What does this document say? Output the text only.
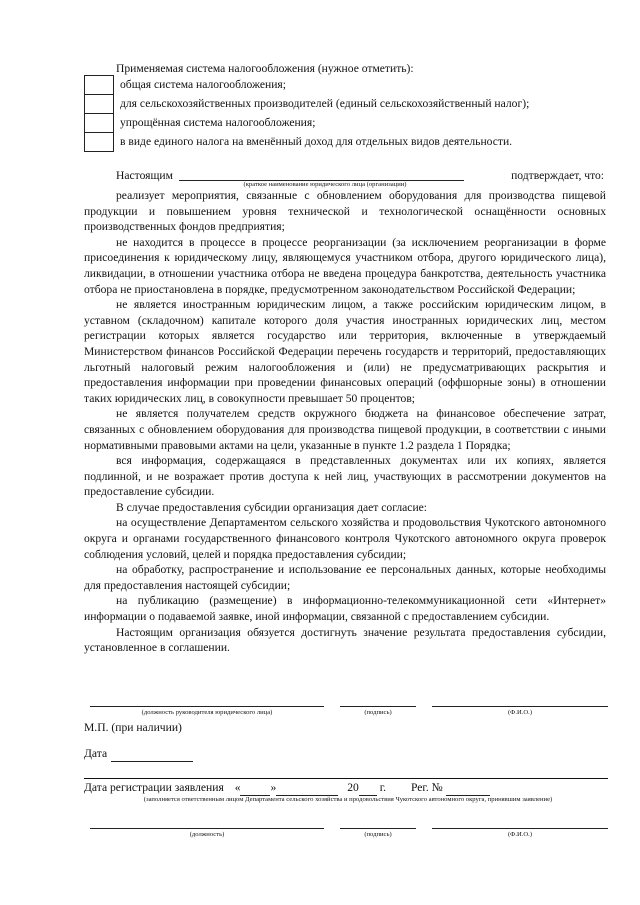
Применяемая система налогообложения (нужное отметить):
	общая система налогообложения;
	для сельскохозяйственных производителей (единый сельскохозяйственный налог);
	упрощённая система налогообложения;
	в виде единого налога на вменённый доход для отдельных видов деятельности.
Настоящим	подтверждает, что:
(краткое наименование юридического лица (организации)

реализует мероприятия, связанные с обновлением оборудования для производства пищевой продукции и повышением уровня технической и технологической оснащённости основных производственных фондов предприятия;

не находится в процессе в процессе реорганизации (за исключением реорганизации в форме присоединения к юридическому лицу, являющемуся участником отбора, другого юридического лица), ликвидации, в отношении участника отбора не введена процедура банкротства, деятельность участника отбора не приостановлена в порядке, предусмотренном законодательством Российской Федерации;

не является иностранным юридическим лицом, а также российским юридическим лицом, в уставном (складочном) капитале которого доля участия иностранных юридических лиц, местом регистрации которых является государство или территория, включенные в утверждаемый Министерством финансов Российской Федерации перечень государств и территорий, предоставляющих льготный налоговый режим налогообложения и (или) не предусматривающих раскрытия и предоставления информации при проведении финансовых операций (оффшорные зоны) в отношении таких юридических лиц, в совокупности превышает 50 процентов;

не является получателем средств окружного бюджета на финансовое обеспечение затрат, связанных с обновлением оборудования для производства пищевой продукции, в соответствии с иными нормативными правовыми актами на цели, указанные в пункте 1.2 раздела 1 Порядка;

вся информация, содержащаяся в представленных документах или их копиях, является подлинной, и не возражает против доступа к ней лиц, участвующих в рассмотрении документов на предоставление субсидии.

В случае предоставления субсидии организация дает согласие:

на осуществление Департаментом сельского хозяйства и продовольствия Чукотского автономного округа и органами государственного финансового контроля Чукотского автономного округа проверок соблюдения условий, целей и порядка предоставления субсидии;

на обработку, распространение и использование ее персональных данных, которые необходимы для предоставления настоящей субсидии;

на публикацию (размещение) в информационно-телекоммуникационной сети «Интернет» информации о подаваемой заявке, иной информации, связанной с предоставлением субсидии.

Настоящим организация обязуется достигнуть значение результата предоставления субсидии, установленное в соглашении.

(должность руководителя юридического лица)	(подпись)	(Ф.И.О.)
М.П. (при наличии)
Дата
Дата регистрации заявления «	»	20 г. Рег. №
(заполняется ответственным лицом Департамента сельского хозяйства и продовольствия Чукотского автономного округа, принявшим заявление)
(должность)	(подпись)	(Ф.И.О.)
